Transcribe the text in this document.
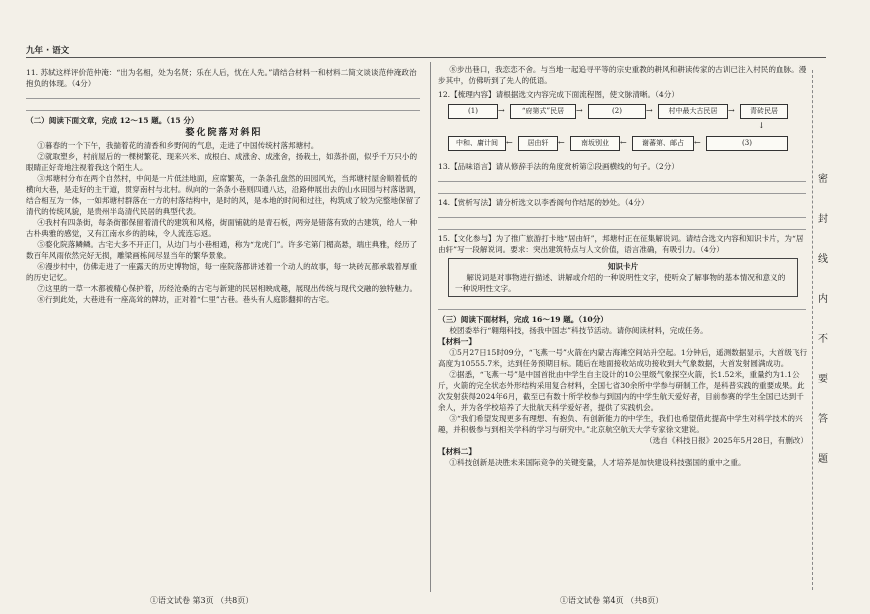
九年 · 语文

11. 苏轼这样评价范仲淹：“出为名相，处为名贤；乐在人后，忧在人先。”请结合材料一和材料二简文谈谈范仲淹政治抱负的体现。（4分）

（二）阅读下面文章，完成 12～15 题。（15 分）

婺化院落对斜阳

①暮春的一个下午，我揣着花的清香和乡野间的气息，走进了中国传统村落邦塘村。

②就取塑乡，村前屋后的一棵树繁花、现来兴米、成根白、成涨舍、成涨舍，扬栽土，如蒸扑面，似乎千万只小的眼睛正好奇地注视着我这个陌生人。

③邦塘村分布在两个自然村，中间是一片低洼地面，应席繁英，一条条孔盘然的田园风光，当邦塘村屋舍顺着低的横向大巷，是走好的主干道，贯穿南村与北村。纵向的一条条小巷则四通八达，沿路伸展出去的山水田园与村落谐调，结合相互为一体，一如邦塘村群落在一方的村落结构中，是时的风，是本地的时间和过往，构筑成了较为完整地保留了清代的传统风貌，是贵州半岛清代民居的典型代表。

④我村有四条街，每条街都保留着清代的建筑和风格，街面铺就的是青石板，两旁是错落有致的古建筑，给人一种古朴典雅的感觉，又有江南水乡的韵味，令人流连忘返。

⑤婺化院落鳞鳞。古宅大多不开正门，从边门与小巷相通，称为“龙虎门”。许多宅第门楣高悬，端庄典雅，经历了数百年风雨依然完好无损，雕梁画栋间尽显当年的繁华景象。

⑥漫步村中，仿佛走进了一座露天的历史博物馆，每一座院落都讲述着一个动人的故事，每一块砖瓦都承载着厚重的历史记忆。

⑦这里的一草一木都被精心保护着，历经沧桑的古宅与新建的民居相映成趣，展现出传统与现代交融的独特魅力。

⑧行到此处，大巷进有一座高耸的牌坊，正对着“仁里”古巷。巷头有人庭影翻抑的古宅。

⑧步出巷口，我恋恋不舍。与当地一起追寻平等的宗史重教的耕风和耕读传家的古训已注入村民的血脉。漫步其中，仿佛听到了先人的低语。

12.【梳理内容】请根据选文内容完成下面流程图，使文脉清晰。（4分）

(1)	→	“府第式”民居	→	(2)	→	村中最大古民居	→	青砖民居
↓
中和、庸计间	←	居由轩	←	南坂别业	←	谢蕃第、邮占	←	(3)

13.【品味语言】请从修辞手法的角度赏析第②段画横线的句子。（2分）

14.【赏析写法】请分析选文以李香阁句作结尾的妙处。（4分）

15.【文化参与】为了推广旅游打卡地“居由轩”，邦塘村正在征集解说词。请结合选文内容和知识卡片，为“居由轩”写一段解说词。要求：突出建筑特点与人文价值，语言准确，有吸引力。（4分）

知识卡片

解说词是对事物进行描述、讲解或介绍的一种说明性文字，使听众了解事物的基本情况和意义的一种说明性文字。

（三）阅读下面材料，完成 16～19 题。（10分）

校团委举行“翱翔科技，扬我中国志”科技节活动。请你阅读材料，完成任务。

【材料一】

①5月27日15时09分，“飞燕一号”火箭在内蒙古海滩空间站升空起。1分钟后，遥测数据显示，大首级飞行高度为10555.7米，达到任务预期目标。随后在地面接收站成功接收到大气象数据，大首发射圆满成功。

②据悉，“飞燕一号”是中国首批由中学生自主设计的10公里级气象探空火箭，长1.52米，重量约为1.1公斤，火箭的完全状态外形结构采用复合材料，全国七省30余所中学参与研制工作，是科普实践的重要成果。此次发射获得2024年6月，截至已有数十所学校参与到国内的中学生航天爱好者，目前参赛的学生全国已达到千余人，并为各学校培养了大批航天科学爱好者，提供了实践机会。

③“我们希望发现更多有理想、有抱负、有创新能力的中学生，我们也希望借此提高中学生对科学技术的兴趣，并积极参与到相关学科的学习与研究中。”北京航空航天大学专家徐文建说。

（选自《科技日报》2025年5月28日，有删改）

【材料二】

①科技创新是决胜未来国际竞争的关键变量，人才培养是加快建设科技强国的重中之重。

密
封
线
内
不
要
答
题
①语文试卷 第3页 （共8页）	①语文试卷 第4页 （共8页）
